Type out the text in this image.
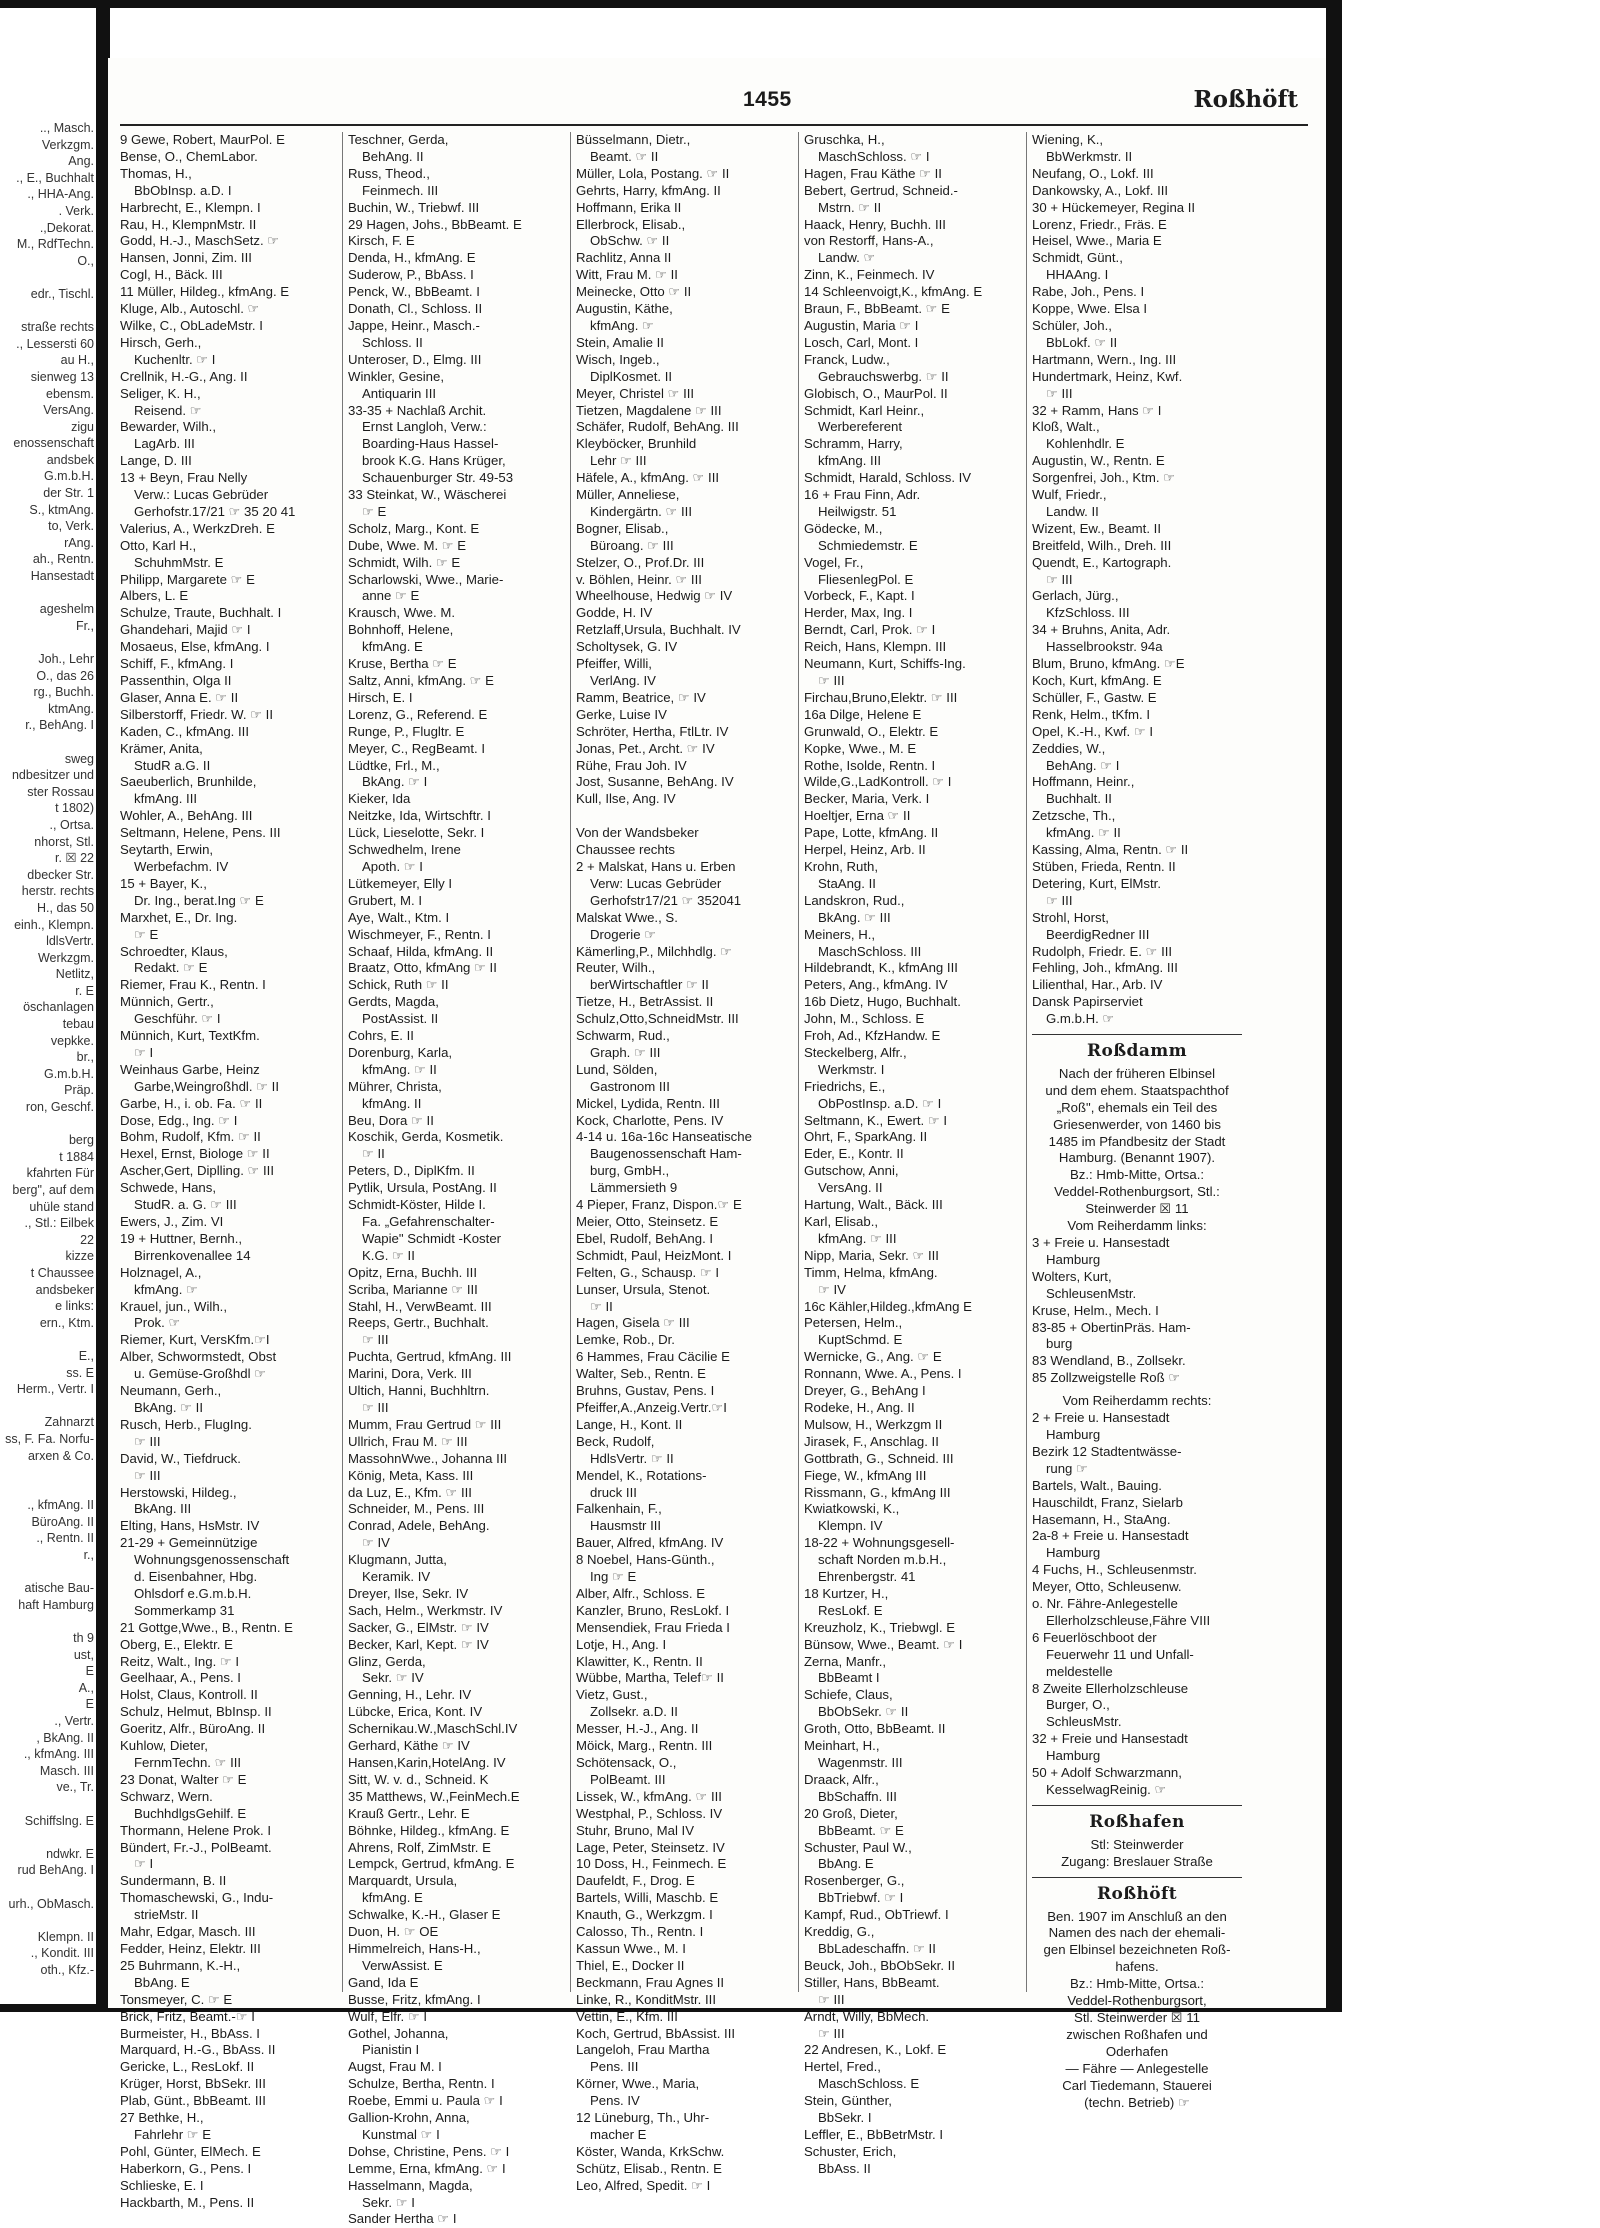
.., Masch.
Verkzgm.
Ang.
., E., Buchhalt
., HHA-Ang.
. Verk.
.,Dekorat.
M., RdfTechn.
O.,

edr., Tischl.

straße rechts
., Lessersti 60
au H.,
sienweg 13
ebensm.
VersAng.
zigu
enossenschaft
andsbek
G.m.b.H.
der Str. 1
S., ktmAng.
to, Verk.
rAng.
ah., Rentn.
Hansestadt

ageshelm
Fr.,

Joh., Lehr
O., das 26
rg., Buchh.
ktmAng.
r., BehAng. I

sweg
ndbesitzer und
ster Rossau
t 1802)
., Ortsa.
nhorst, Stl.
r. ☒ 22
dbecker Str.
herstr. rechts
H., das 50
einh., Klempn.
ldlsVertr.
Werkzgm.
Netlitz,
r. E
öschanlagen
tebau
vepkke.
br.,
G.m.b.H.
Präp.
ron, Geschf.

berg
t 1884
kfahrten Für
berg", auf dem
uhüle stand
., Stl.: Eilbek
22
kizze
t Chaussee
andsbeker
e links:
ern., Ktm.

E.,
ss. E
Herm., Vertr. I

Zahnarzt
ss, F. Fa. Norfu-
arxen & Co.

., kfmAng. II
BüroAng. II
., Rentn. II
r.,

atische Bau-
haft Hamburg

th 9
ust,
E
A.,
E
., Vertr.
, BkAng. II
., kfmAng. III
Masch. III
ve., Tr.

Schiffslng. E

ndwkr. E
rud BehAng. I

urh., ObMasch.

Klempn. II
., Kondit. III
oth., Kfz.-
1455	Roßhöft
9 Gewe, Robert, MaurPol. E
Bense, O., ChemLabor.
Thomas, H.,
BbObInsp. a.D. I
Harbrecht, E., Klempn. I
Rau, H., KlempnMstr. II
Godd, H.-J., MaschSetz. ☞
Hansen, Jonni, Zim. III
Cogl, H., Bäck. III
11 Müller, Hildeg., kfmAng. E
Kluge, Alb., Autoschl. ☞
Wilke, C., ObLadeMstr. I
Hirsch, Gerh.,
Kuchenltr. ☞ I
Crellnik, H.-G., Ang. II
Seliger, K. H.,
Reisend. ☞
Bewarder, Wilh.,
LagArb. III
Lange, D. III
13 + Beyn, Frau Nelly
Verw.: Lucas Gebrüder
Gerhofstr.17/21 ☞ 35 20 41
Valerius, A., WerkzDreh. E
Otto, Karl H.,
SchuhmMstr. E
Philipp, Margarete ☞ E
Albers, L. E
Schulze, Traute, Buchhalt. I
Ghandehari, Majid ☞ I
Mosaeus, Else, kfmAng. I
Schiff, F., kfmAng. I
Passenthin, Olga II
Glaser, Anna E. ☞ II
Silberstorff, Friedr. W. ☞ II
Kaden, C., kfmAng. III
Krämer, Anita,
StudR a.G. II
Saeuberlich, Brunhilde,
kfmAng. III
Wohler, A., BehAng. III
Seltmann, Helene, Pens. III
Seytarth, Erwin,
Werbefachm. IV
15 + Bayer, K.,
Dr. Ing., berat.Ing ☞ E
Marxhet, E., Dr. Ing.
☞ E
Schroedter, Klaus,
Redakt. ☞ E
Riemer, Frau K., Rentn. I
Münnich, Gertr.,
Geschführ. ☞ I
Münnich, Kurt, TextKfm.
☞ I
Weinhaus Garbe, Heinz
Garbe,Weingroßhdl. ☞ II
Garbe, H., i. ob. Fa. ☞ II
Dose, Edg., Ing. ☞ I
Bohm, Rudolf, Kfm. ☞ II
Hexel, Ernst, Biologe ☞ II
Ascher,Gert, Diplling. ☞ III
Schwede, Hans,
StudR. a. G. ☞ III
Ewers, J., Zim. VI
19 + Huttner, Bernh.,
Birrenkovenallee 14
Holznagel, A.,
kfmAng. ☞
Krauel, jun., Wilh.,
Prok. ☞
Riemer, Kurt, VersKfm.☞I
Alber, Schwormstedt, Obst
u. Gemüse-Großhdl ☞
Neumann, Gerh.,
BkAng. ☞ II
Rusch, Herb., FlugIng.
☞ III
David, W., Tiefdruck.
☞ III
Herstowski, Hildeg.,
BkAng. III
Elting, Hans, HsMstr. IV
21-29 + Gemeinnützige
Wohnungsgenossenschaft
d. Eisenbahner, Hbg.
Ohlsdorf e.G.m.b.H.
Sommerkamp 31
21 Gottge,Wwe., B., Rentn. E
Oberg, E., Elektr. E
Reitz, Walt., Ing. ☞ I
Geelhaar, A., Pens. I
Holst, Claus, Kontroll. II
Schulz, Helmut, BbInsp. II
Goeritz, Alfr., BüroAng. II
Kuhlow, Dieter,
FernmTechn. ☞ III
23 Donat, Walter ☞ E
Schwarz, Wern.
BuchhdlgsGehilf. E
Thormann, Helene Prok. I
Bündert, Fr.-J., PolBeamt.
☞ I
Sundermann, B. II
Thomaschewski, G., Indu-
strieMstr. II
Mahr, Edgar, Masch. III
Fedder, Heinz, Elektr. III
25 Buhrmann, K.-H.,
BbAng. E
Tonsmeyer, C. ☞ E
Brick, Fritz, Beamt.-☞ I
Burmeister, H., BbAss. I
Marquard, H.-G., BbAss. II
Gericke, L., ResLokf. II
Krüger, Horst, BbSekr. III
Plab, Günt., BbBeamt. III
27 Bethke, H.,
Fahrlehr ☞ E
Pohl, Günter, ElMech. E
Haberkorn, G., Pens. I
Schlieske, E. I
Hackbarth, M., Pens. II
Teschner, Gerda,
BehAng. II
Russ, Theod.,
Feinmech. III
Buchin, W., Triebwf. III
29 Hagen, Johs., BbBeamt. E
Kirsch, F. E
Denda, H., kfmAng. E
Suderow, P., BbAss. I
Penck, W., BbBeamt. I
Donath, Cl., Schloss. II
Jappe, Heinr., Masch.-
Schloss. II
Unteroser, D., Elmg. III
Winkler, Gesine,
Antiquarin III
33-35 + Nachlaß Archit.
Ernst Langloh, Verw.:
Boarding-Haus Hassel-
brook K.G. Hans Krüger,
Schauenburger Str. 49-53
33 Steinkat, W., Wäscherei
☞ E
Scholz, Marg., Kont. E
Dube, Wwe. M. ☞ E
Schmidt, Wilh. ☞ E
Scharlowski, Wwe., Marie-
anne ☞ E
Krausch, Wwe. M.
Bohnhoff, Helene,
kfmAng. E
Kruse, Bertha ☞ E
Saltz, Anni, kfmAng. ☞ E
Hirsch, E. I
Lorenz, G., Referend. E
Runge, P., Flugltr. E
Meyer, C., RegBeamt. I
Lüdtke, Frl., M.,
BkAng. ☞ I
Kieker, Ida
Neitzke, Ida, Wirtschftr. I
Lück, Lieselotte, Sekr. I
Schwedhelm, Irene
Apoth. ☞ I
Lütkemeyer, Elly I
Grubert, M. I
Aye, Walt., Ktm. I
Wischmeyer, F., Rentn. I
Schaaf, Hilda, kfmAng. II
Braatz, Otto, kfmAng ☞ II
Schick, Ruth ☞ II
Gerdts, Magda,
PostAssist. II
Cohrs, E. II
Dorenburg, Karla,
kfmAng. ☞ II
Mührer, Christa,
kfmAng. II
Beu, Dora ☞ II
Koschik, Gerda, Kosmetik.
☞ II
Peters, D., DiplKfm. II
Pytlik, Ursula, PostAng. II
Schmidt-Köster, Hilde I.
Fa. „Gefahrenschalter-
Wapie" Schmidt -Koster
K.G. ☞ II
Opitz, Erna, Buchh. III
Scriba, Marianne ☞ III
Stahl, H., VerwBeamt. III
Reeps, Gertr., Buchhalt.
☞ III
Puchta, Gertrud, kfmAng. III
Marini, Dora, Verk. III
Ultich, Hanni, Buchhltrn.
☞ III
Mumm, Frau Gertrud ☞ III
Ullrich, Frau M. ☞ III
MassohnWwe., Johanna III
König, Meta, Kass. III
da Luz, E., Kfm. ☞ III
Schneider, M., Pens. III
Conrad, Adele, BehAng.
☞ IV
Klugmann, Jutta,
Keramik. IV
Dreyer, Ilse, Sekr. IV
Sach, Helm., Werkmstr. IV
Sacker, G., ElMstr. ☞ IV
Becker, Karl, Kept. ☞ IV
Glinz, Gerda,
Sekr. ☞ IV
Genning, H., Lehr. IV
Lübcke, Erica, Kont. IV
Schernikau.W.,MaschSchl.IV
Gerhard, Käthe ☞ IV
Hansen,Karin,HotelAng. IV
Sitt, W. v. d., Schneid. K
35 Matthews, W.,FeinMech.E
Krauß Gertr., Lehr. E
Böhnke, Hildeg., kfmAng. E
Ahrens, Rolf, ZimMstr. E
Lempck, Gertrud, kfmAng. E
Marquardt, Ursula,
kfmAng. E
Schwalke, K.-H., Glaser E
Duon, H. ☞ OE
Himmelreich, Hans-H.,
VerwAssist. E
Gand, Ida E
Busse, Fritz, kfmAng. I
Wulf, Elfr. ☞ I
Gothel, Johanna,
Pianistin I
Augst, Frau M. I
Schulze, Bertha, Rentn. I
Roebe, Emmi u. Paula ☞ I
Gallion-Krohn, Anna,
Kunstmal ☞ I
Dohse, Christine, Pens. ☞ I
Lemme, Erna, kfmAng. ☞ I
Hasselmann, Magda,
Sekr. ☞ I
Sander Hertha ☞ I
Büsselmann, Dietr.,
Beamt. ☞ II
Müller, Lola, Postang. ☞ II
Gehrts, Harry, kfmAng. II
Hoffmann, Erika II
Ellerbrock, Elisab.,
ObSchw. ☞ II
Rachlitz, Anna II
Witt, Frau M. ☞ II
Meinecke, Otto ☞ II
Augustin, Käthe,
kfmAng. ☞
Stein, Amalie II
Wisch, Ingeb.,
DiplKosmet. II
Meyer, Christel ☞ III
Tietzen, Magdalene ☞ III
Schäfer, Rudolf, BehAng. III
Kleyböcker, Brunhild
Lehr ☞ III
Häfele, A., kfmAng. ☞ III
Müller, Anneliese,
Kindergärtn. ☞ III
Bogner, Elisab.,
Büroang. ☞ III
Stelzer, O., Prof.Dr. III
v. Böhlen, Heinr. ☞ III
Wheelhouse, Hedwig ☞ IV
Godde, H. IV
Retzlaff,Ursula, Buchhalt. IV
Scholtysek, G. IV
Pfeiffer, Willi,
VerlAng. IV
Ramm, Beatrice, ☞ IV
Gerke, Luise IV
Schröter, Hertha, FtlLtr. IV
Jonas, Pet., Archt. ☞ IV
Rühe, Frau Joh. IV
Jost, Susanne, BehAng. IV
Kull, Ilse, Ang. IV

Von der Wandsbeker
Chaussee rechts
2 + Malskat, Hans u. Erben
Verw: Lucas Gebrüder
Gerhofstr17/21 ☞ 352041
Malskat Wwe., S.
Drogerie ☞
Kämerling,P., Milchhdlg. ☞
Reuter, Wilh.,
berWirtschaftler ☞ II
Tietze, H., BetrAssist. II
Schulz,Otto,SchneidMstr. III
Schwarm, Rud.,
Graph. ☞ III
Lund, Sölden,
Gastronom III
Mickel, Lydida, Rentn. III
Kock, Charlotte, Pens. IV
4-14 u. 16a-16c Hanseatische
Baugenossenschaft Ham-
burg, GmbH.,
Lämmersieth 9
4 Pieper, Franz, Dispon.☞ E
Meier, Otto, Steinsetz. E
Ebel, Rudolf, BehAng. I
Schmidt, Paul, HeizMont. I
Felten, G., Schausp. ☞ I
Lunser, Ursula, Stenot.
☞ II
Hagen, Gisela ☞ III
Lemke, Rob., Dr.
6 Hammes, Frau Cäcilie E
Walter, Seb., Rentn. E
Bruhns, Gustav, Pens. I
Pfeiffer,A.,Anzeig.Vertr.☞I
Lange, H., Kont. II
Beck, Rudolf,
HdlsVertr. ☞ II
Mendel, K., Rotations-
druck III
Falkenhain, F.,
Hausmstr III
Bauer, Alfred, kfmAng. IV
8 Noebel, Hans-Günth.,
Ing ☞ E
Alber, Alfr., Schloss. E
Kanzler, Bruno, ResLokf. I
Mensendiek, Frau Frieda I
Lotje, H., Ang. I
Klawitter, K., Rentn. II
Wübbe, Martha, Telef☞ II
Vietz, Gust.,
Zollsekr. a.D. II
Messer, H.-J., Ang. II
Möick, Marg., Rentn. III
Schötensack, O.,
PolBeamt. III
Lissek, W., kfmAng. ☞ III
Westphal, P., Schloss. IV
Stuhr, Bruno, Mal IV
Lage, Peter, Steinsetz. IV
10 Doss, H., Feinmech. E
Daufeldt, F., Drog. E
Bartels, Willi, Maschb. E
Knauth, G., Werkzgm. I
Calosso, Th., Rentn. I
Kassun Wwe., M. I
Thiel, E., Docker II
Beckmann, Frau Agnes II
Linke, R., KonditMstr. III
Vettin, E., Kfm. III
Koch, Gertrud, BbAssist. III
Langeloh, Frau Martha
Pens. III
Körner, Wwe., Maria,
Pens. IV
12 Lüneburg, Th., Uhr-
macher E
Köster, Wanda, KrkSchw.
Schütz, Elisab., Rentn. E
Leo, Alfred, Spedit. ☞ I
Gruschka, H.,
MaschSchloss. ☞ I
Hagen, Frau Käthe ☞ II
Bebert, Gertrud, Schneid.-
Mstrn. ☞ II
Haack, Henry, Buchh. III
von Restorff, Hans-A.,
Landw. ☞
Zinn, K., Feinmech. IV
14 Schleenvoigt,K., kfmAng. E
Braun, F., BbBeamt. ☞ E
Augustin, Maria ☞ I
Losch, Carl, Mont. I
Franck, Ludw.,
Gebrauchswerbg. ☞ II
Globisch, O., MaurPol. II
Schmidt, Karl Heinr.,
Werbereferent
Schramm, Harry,
kfmAng. III
Schmidt, Harald, Schloss. IV
16 + Frau Finn, Adr.
Heilwigstr. 51
Gödecke, M.,
Schmiedemstr. E
Vogel, Fr.,
FliesenlegPol. E
Vorbeck, F., Kapt. I
Herder, Max, Ing. I
Berndt, Carl, Prok. ☞ I
Reich, Hans, Klempn. III
Neumann, Kurt, Schiffs-Ing.
☞ III
Firchau,Bruno,Elektr. ☞ III
16a Dilge, Helene E
Grunwald, O., Elektr. E
Kopke, Wwe., M. E
Rothe, Isolde, Rentn. I
Wilde,G.,LadKontroll. ☞ I
Becker, Maria, Verk. I
Hoeltjer, Erna ☞ II
Pape, Lotte, kfmAng. II
Herpel, Heinz, Arb. II
Krohn, Ruth,
StaAng. II
Landskron, Rud.,
BkAng. ☞ III
Meiners, H.,
MaschSchloss. III
Hildebrandt, K., kfmAng III
Peters, Ang., kfmAng. IV
16b Dietz, Hugo, Buchhalt.
John, M., Schloss. E
Froh, Ad., KfzHandw. E
Steckelberg, Alfr.,
Werkmstr. I
Friedrichs, E.,
ObPostInsp. a.D. ☞ I
Seltmann, K., Ewert. ☞ I
Ohrt, F., SparkAng. II
Eder, E., Kontr. II
Gutschow, Anni,
VersAng. II
Hartung, Walt., Bäck. III
Karl, Elisab.,
kfmAng. ☞ III
Nipp, Maria, Sekr. ☞ III
Timm, Helma, kfmAng.
☞ IV
16c Kähler,Hildeg.,kfmAng E
Petersen, Helm.,
KuptSchmd. E
Wernicke, G., Ang. ☞ E
Ronnann, Wwe. A., Pens. I
Dreyer, G., BehAng I
Rodeke, H., Ang. II
Mulsow, H., Werkzgm II
Jirasek, F., Anschlag. II
Gottbrath, G., Schneid. III
Fiege, W., kfmAng III
Rissmann, G., kfmAng III
Kwiatkowski, K.,
Klempn. IV
18-22 + Wohnungsgesell-
schaft Norden m.b.H.,
Ehrenbergstr. 41
18 Kurtzer, H.,
ResLokf. E
Kreuzholz, K., Triebwgl. E
Bünsow, Wwe., Beamt. ☞ I
Zerna, Manfr.,
BbBeamt I
Schiefe, Claus,
BbObSekr. ☞ II
Groth, Otto, BbBeamt. II
Meinhart, H.,
Wagenmstr. III
Draack, Alfr.,
BbSchaffn. III
20 Groß, Dieter,
BbBeamt. ☞ E
Schuster, Paul W.,
BbAng. E
Rosenberger, G.,
BbTriebwf. ☞ I
Kampf, Rud., ObTriewf. I
Kreddig, G.,
BbLadeschaffn. ☞ II
Beuck, Joh., BbObSekr. II
Stiller, Hans, BbBeamt.
☞ III
Arndt, Willy, BbMech.
☞ III
22 Andresen, K., Lokf. E
Hertel, Fred.,
MaschSchloss. E
Stein, Günther,
BbSekr. I
Leffler, E., BbBetrMstr. I
Schuster, Erich,
BbAss. II
Wiening, K.,
BbWerkmstr. II
Neufang, O., Lokf. III
Dankowsky, A., Lokf. III
30 + Hückemeyer, Regina II
Lorenz, Friedr., Fräs. E
Heisel, Wwe., Maria E
Schmidt, Günt.,
HHAAng. I
Rabe, Joh., Pens. I
Koppe, Wwe. Elsa I
Schüler, Joh.,
BbLokf. ☞ II
Hartmann, Wern., Ing. III
Hundertmark, Heinz, Kwf.
☞ III
32 + Ramm, Hans ☞ I
Kloß, Walt.,
Kohlenhdlr. E
Augustin, W., Rentn. E
Sorgenfrei, Joh., Ktm. ☞
Wulf, Friedr.,
Landw. II
Wizent, Ew., Beamt. II
Breitfeld, Wilh., Dreh. III
Quendt, E., Kartograph.
☞ III
Gerlach, Jürg.,
KfzSchloss. III
34 + Bruhns, Anita, Adr.
Hasselbrookstr. 94a
Blum, Bruno, kfmAng. ☞E
Koch, Kurt, kfmAng. E
Schüller, F., Gastw. E
Renk, Helm., tKfm. I
Opel, K.-H., Kwf. ☞ I
Zeddies, W.,
BehAng. ☞ I
Hoffmann, Heinr.,
Buchhalt. II
Zetzsche, Th.,
kfmAng. ☞ II
Kassing, Alma, Rentn. ☞ II
Stüben, Frieda, Rentn. II
Detering, Kurt, ElMstr.
☞ III
Strohl, Horst,
BeerdigRedner III
Rudolph, Friedr. E. ☞ III
Fehling, Joh., kfmAng. III
Lilienthal, Har., Arb. IV
Dansk Papirserviet
G.m.b.H. ☞
Roßdamm
Nach der früheren Elbinsel
und dem ehem. Staatspachthof
„Roß", ehemals ein Teil des
Griesenwerder, von 1460 bis
1485 im Pfandbesitz der Stadt
Hamburg. (Benannt 1907).
Bz.: Hmb-Mitte, Ortsa.:
Veddel-Rothenburgsort, Stl.:
Steinwerder ☒ 11
Vom Reiherdamm links:
3 + Freie u. Hansestadt
Hamburg
Wolters, Kurt,
SchleusenMstr.
Kruse, Helm., Mech. I
83-85 + ObertinPräs. Ham-
burg
83 Wendland, B., Zollsekr.
85 Zollzweigstelle Roß ☞
Vom Reiherdamm rechts:
2 + Freie u. Hansestadt
Hamburg
Bezirk 12 Stadtentwässe-
rung ☞
Bartels, Walt., Bauing.
Hauschildt, Franz, Sielarb
Hasemann, H., StaAng.
2a-8 + Freie u. Hansestadt
Hamburg
4 Fuchs, H., Schleusenmstr.
Meyer, Otto, Schleusenw.
o. Nr. Fähre-Anlegestelle
Ellerholzschleuse,Fähre VIII
6 Feuerlöschboot der
Feuerwehr 11 und Unfall-
meldestelle
8 Zweite Ellerholzschleuse
Burger, O.,
SchleusMstr.
32 + Freie und Hansestadt
Hamburg
50 + Adolf Schwarzmann,
KesselwagReinig. ☞
Roßhafen
Stl: Steinwerder
Zugang: Breslauer Straße
Roßhöft
Ben. 1907 im Anschluß an den
Namen des nach der ehemali-
gen Elbinsel bezeichneten Roß-
hafens.
Bz.: Hmb-Mitte, Ortsa.:
Veddel-Rothenburgsort,
Stl. Steinwerder ☒ 11
zwischen Roßhafen und
Oderhafen
— Fähre — Anlegestelle
Carl Tiedemann, Stauerei
(techn. Betrieb) ☞
